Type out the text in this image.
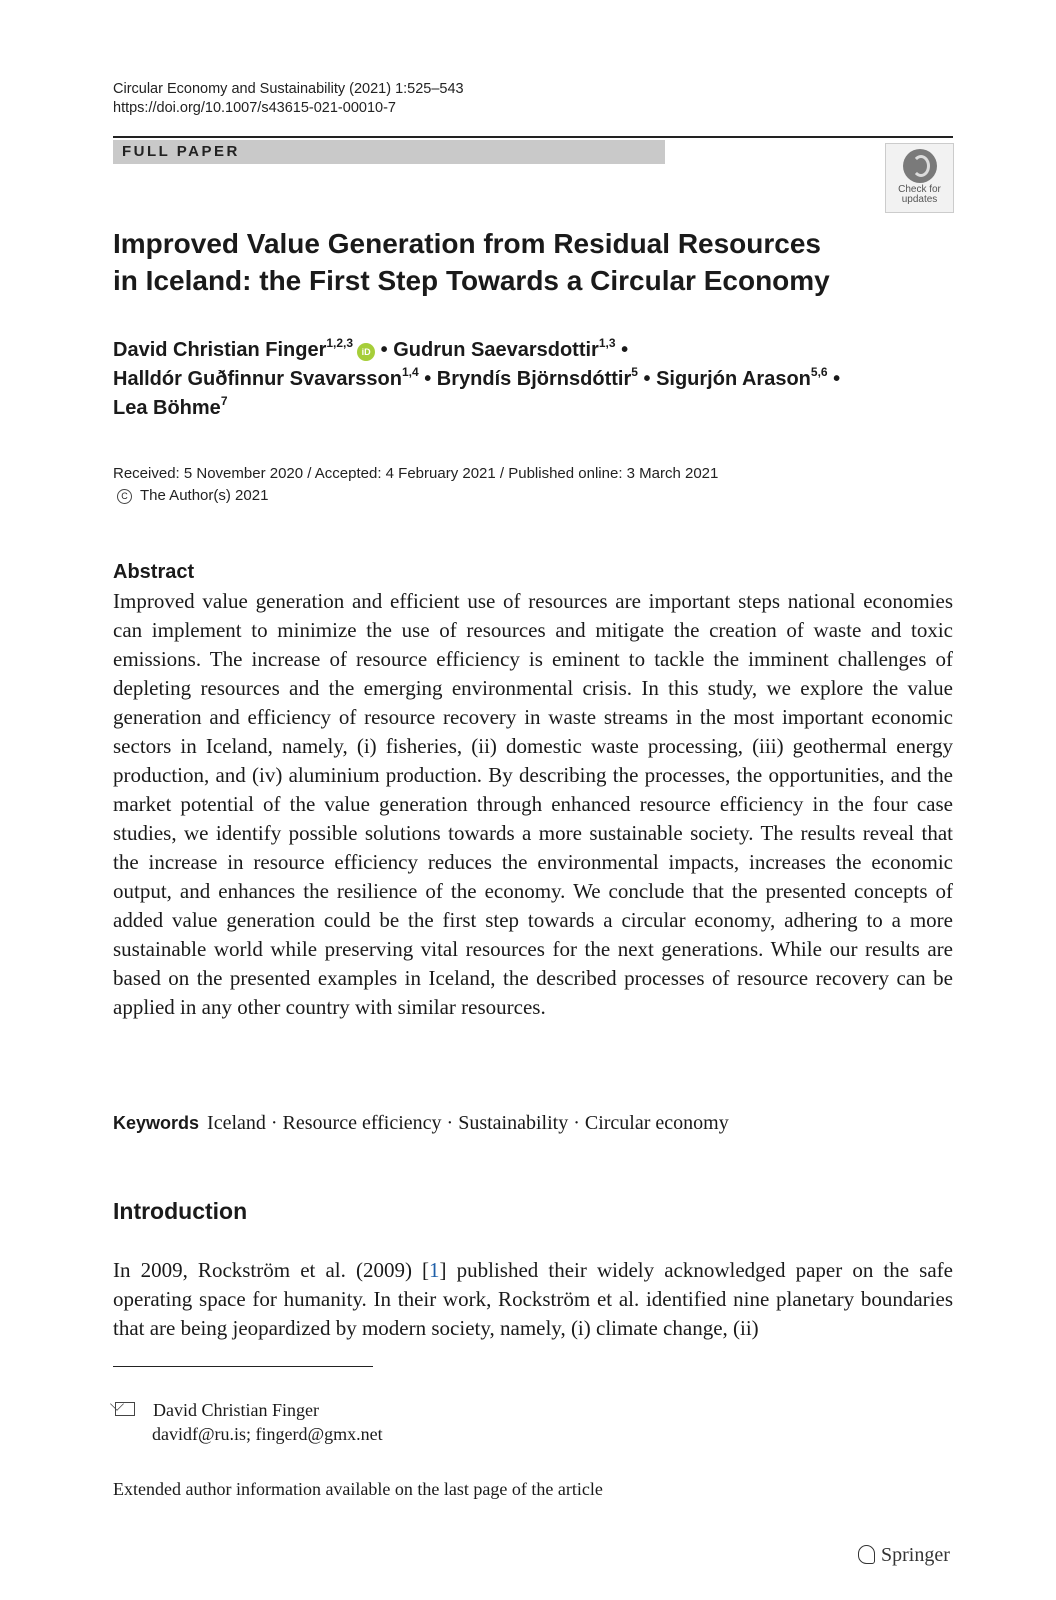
Circular Economy and Sustainability (2021) 1:525–543
https://doi.org/10.1007/s43615-021-00010-7
FULL PAPER
Check for
updates
Improved Value Generation from Residual Resources
in Iceland: the First Step Towards a Circular Economy
David Christian Finger$^{1,2,3}$iD • Gudrun Saevarsdottir$^{1,3}$ •
Halldór Guðfinnur Svavarsson$^{1,4}$ • Bryndís Björnsdóttir$^5$ • Sigurjón Arason$^{5,6}$ •
Lea Böhme$^7$
Received: 5 November 2020 / Accepted: 4 February 2021 / Published online: 3 March 2021
C The Author(s) 2021
Abstract

Improved value generation and efficient use of resources are important steps national economies can implement to minimize the use of resources and mitigate the creation of waste and toxic emissions. The increase of resource efficiency is eminent to tackle the imminent challenges of depleting resources and the emerging environmental crisis. In this study, we explore the value generation and efficiency of resource recovery in waste streams in the most important economic sectors in Iceland, namely, (i) fisheries, (ii) domestic waste processing, (iii) geothermal energy production, and (iv) aluminium production. By describing the processes, the opportunities, and the market potential of the value generation through enhanced resource efficiency in the four case studies, we identify possible solutions towards a more sustainable society. The results reveal that the increase in resource efficiency reduces the environmental impacts, increases the economic output, and enhances the resilience of the economy. We conclude that the presented concepts of added value generation could be the first step towards a circular economy, adhering to a more sustainable world while preserving vital resources for the next generations. While our results are based on the presented examples in Iceland, the described processes of resource recovery can be applied in any other country with similar resources.

Keywords Iceland · Resource efficiency · Sustainability · Circular economy
Introduction

In 2009, Rockström et al. (2009) [1] published their widely acknowledged paper on the safe operating space for humanity. In their work, Rockström et al. identified nine planetary boundaries that are being jeopardized by modern society, namely, (i) climate change, (ii)

David Christian Finger
davidf@ru.is; fingerd@gmx.net
Extended author information available on the last page of the article
Springer
